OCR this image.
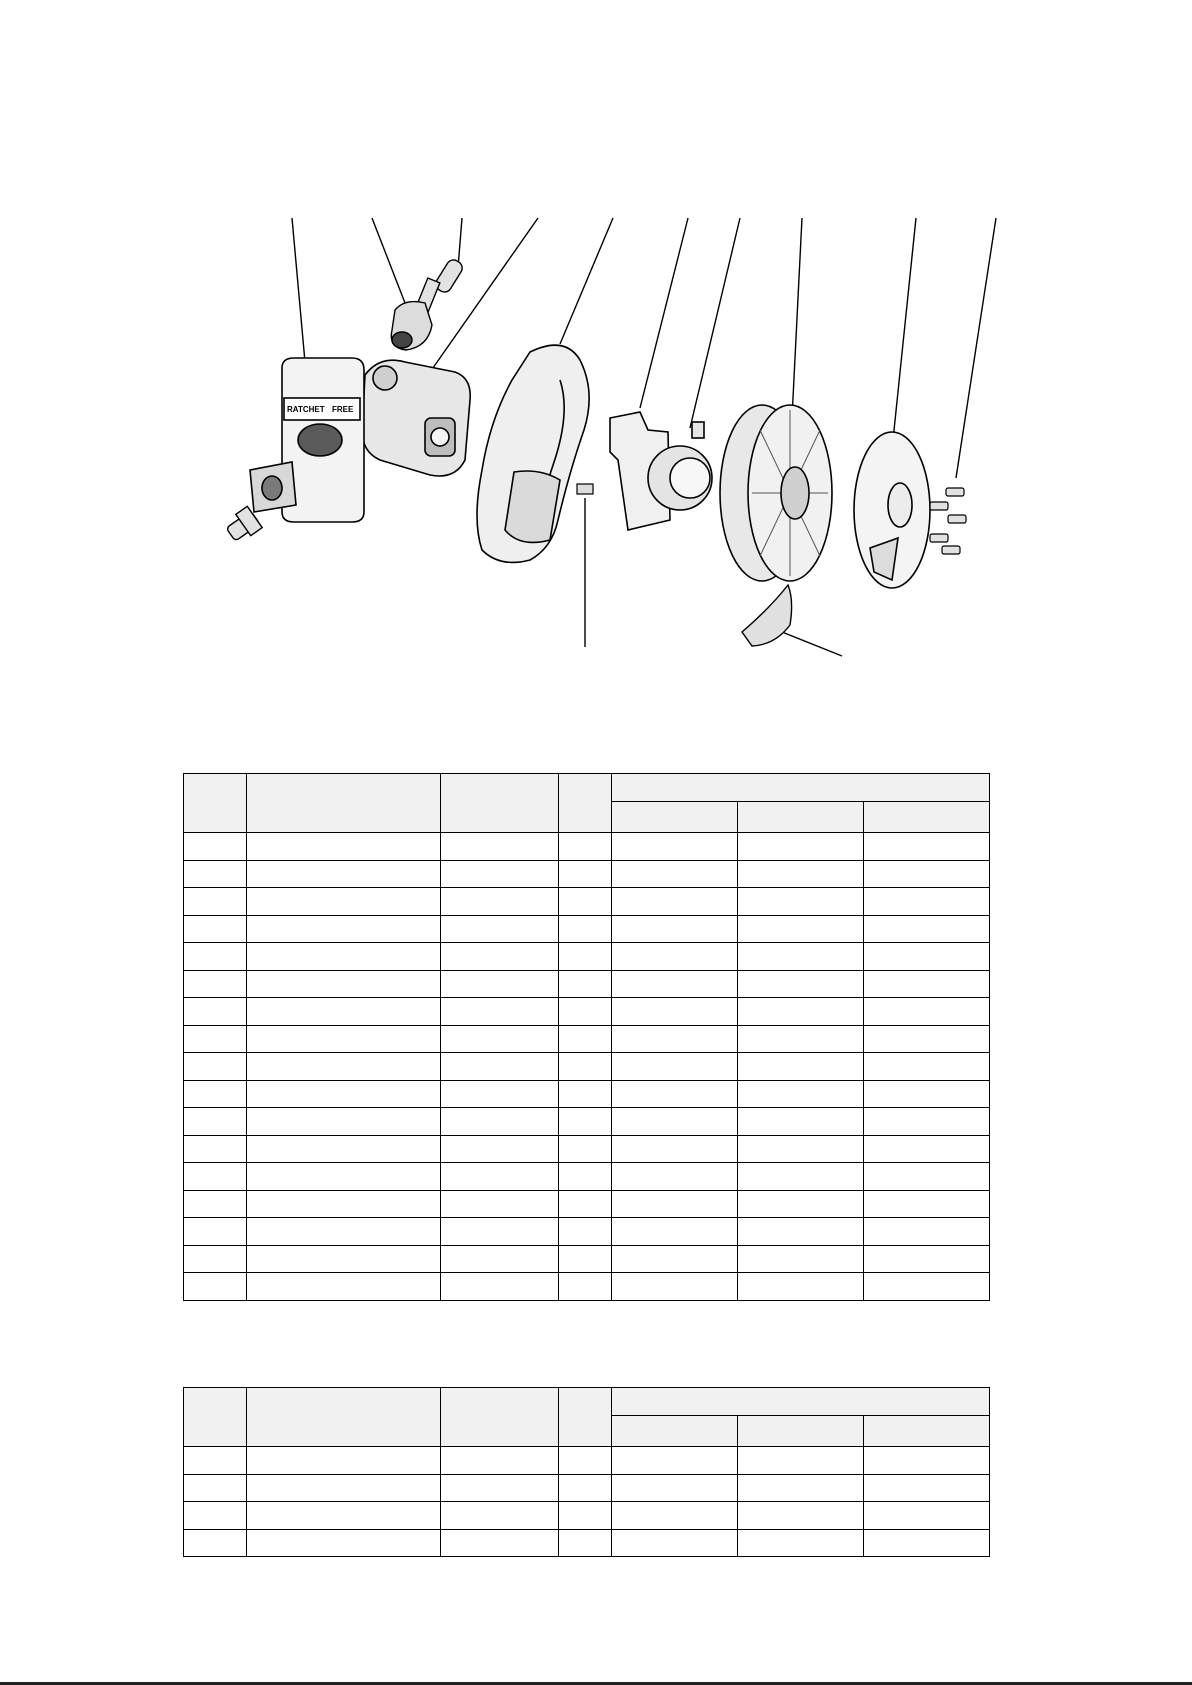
RATCHET FREE
